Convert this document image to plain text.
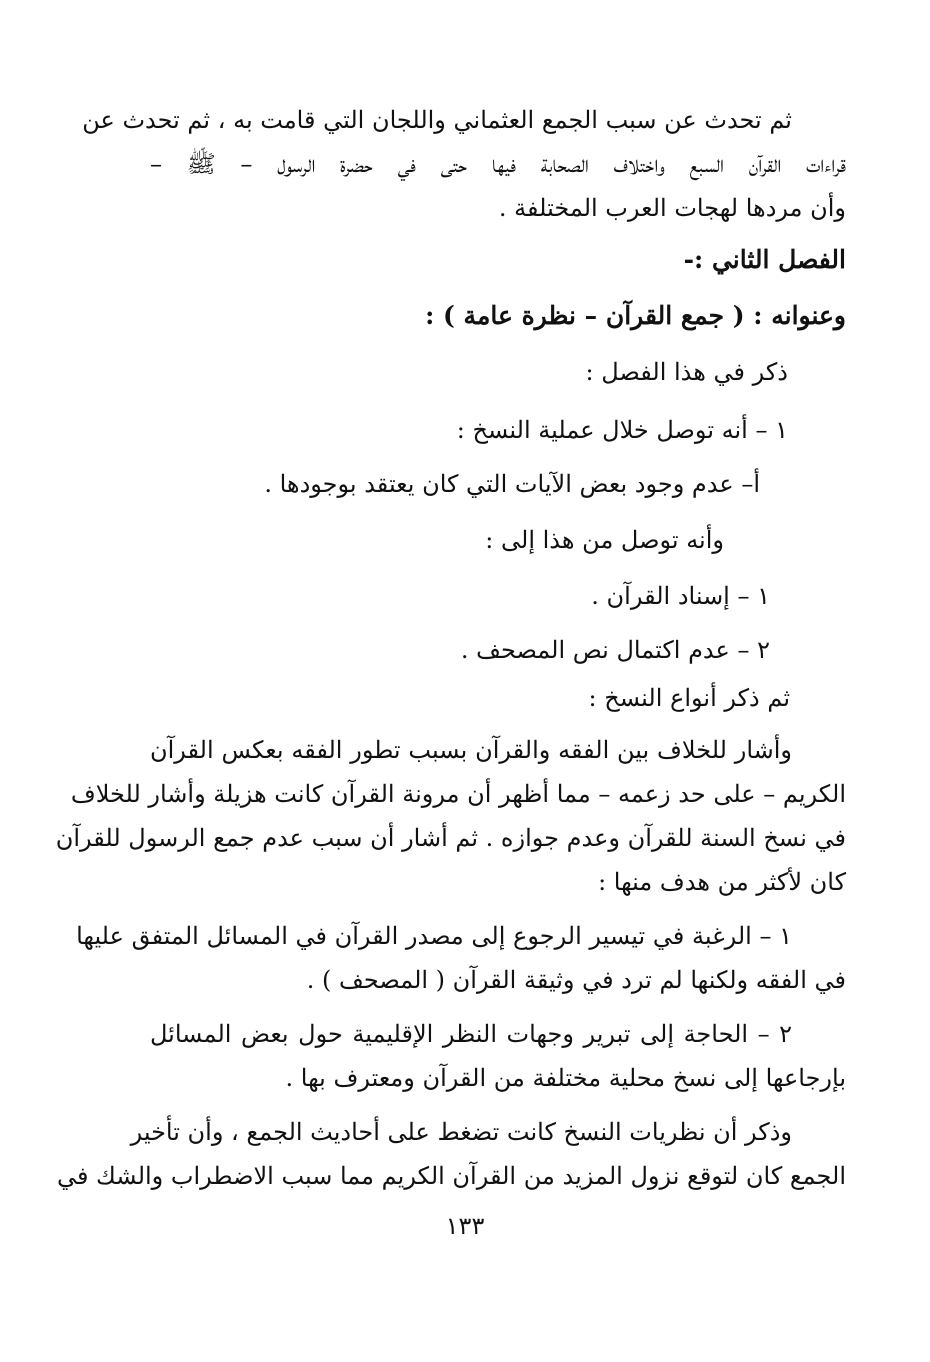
ثم تحدث عن سبب الجمع العثماني واللجان التي قامت به ، ثم تحدث عن
قراءات القرآن السبع واختلاف الصحابة فيها حتى في حضرة الرسول – ﷺ –
وأن مردها لهجات العرب المختلفة .
الفصل الثاني :-
وعنوانه : ( جمع القرآن – نظرة عامة ) :
ذكر في هذا الفصل :
١ – أنه توصل خلال عملية النسخ :
أ– عدم وجود بعض الآيات التي كان يعتقد بوجودها .
وأنه توصل من هذا إلى :
١ – إسناد القرآن .
٢ – عدم اكتمال نص المصحف .
ثم ذكر أنواع النسخ :
وأشار للخلاف بين الفقه والقرآن بسبب تطور الفقه بعكس القرآن
الكريم – على حد زعمه – مما أظهر أن مرونة القرآن كانت هزيلة وأشار للخلاف
في نسخ السنة للقرآن وعدم جوازه . ثم أشار أن سبب عدم جمع الرسول للقرآن
كان لأكثر من هدف منها :
١ – الرغبة في تيسير الرجوع إلى مصدر القرآن في المسائل المتفق عليها
في الفقه ولكنها لم ترد في وثيقة القرآن ( المصحف ) .
٢ – الحاجة إلى تبرير وجهات النظر الإقليمية حول بعض المسائل
بإرجاعها إلى نسخ محلية مختلفة من القرآن ومعترف بها .
وذكر أن نظريات النسخ كانت تضغط على أحاديث الجمع ، وأن تأخير
الجمع كان لتوقع نزول المزيد من القرآن الكريم مما سبب الاضطراب والشك في
١٣٣
